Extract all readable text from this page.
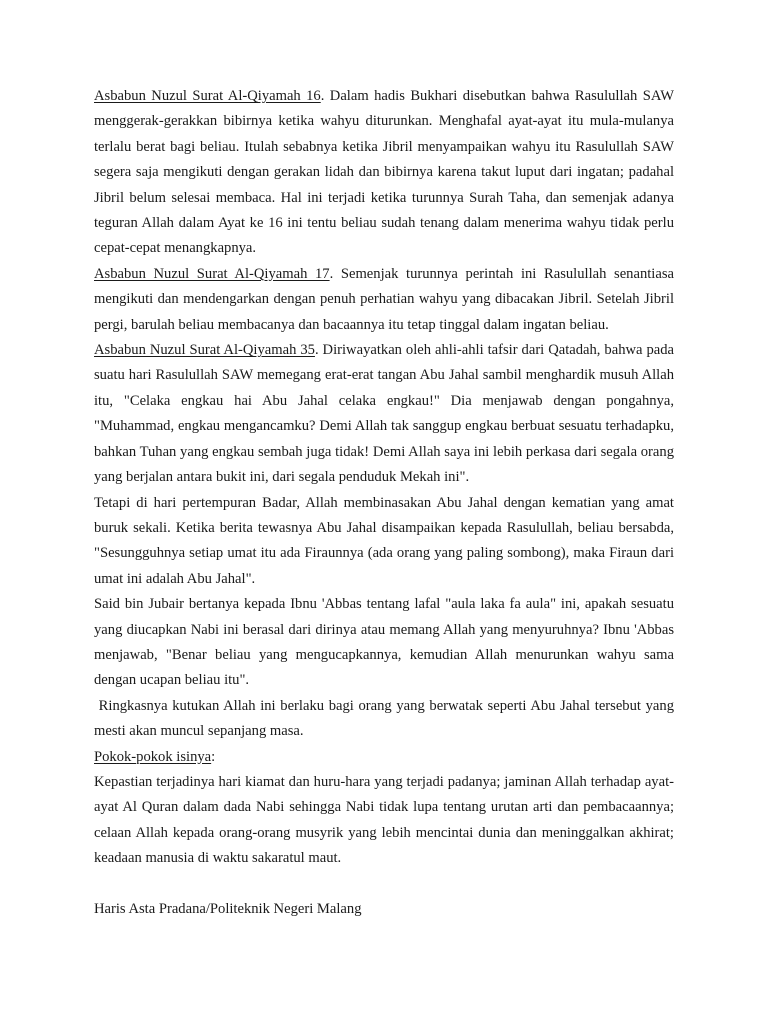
Asbabun Nuzul Surat Al-Qiyamah 16. Dalam hadis Bukhari disebutkan bahwa Rasulullah SAW menggerak-gerakkan bibirnya ketika wahyu diturunkan. Menghafal ayat-ayat itu mula-mulanya terlalu berat bagi beliau. Itulah sebabnya ketika Jibril menyampaikan wahyu itu Rasulullah SAW segera saja mengikuti dengan gerakan lidah dan bibirnya karena takut luput dari ingatan; padahal Jibril belum selesai membaca. Hal ini terjadi ketika turunnya Surah Taha, dan semenjak adanya teguran Allah dalam Ayat ke 16 ini tentu beliau sudah tenang dalam menerima wahyu tidak perlu cepat-cepat menangkapnya.

Asbabun Nuzul Surat Al-Qiyamah 17. Semenjak turunnya perintah ini Rasulullah senantiasa mengikuti dan mendengarkan dengan penuh perhatian wahyu yang dibacakan Jibril. Setelah Jibril pergi, barulah beliau membacanya dan bacaannya itu tetap tinggal dalam ingatan beliau.

Asbabun Nuzul Surat Al-Qiyamah 35. Diriwayatkan oleh ahli-ahli tafsir dari Qatadah, bahwa pada suatu hari Rasulullah SAW memegang erat-erat tangan Abu Jahal sambil menghardik musuh Allah itu, "Celaka engkau hai Abu Jahal celaka engkau!" Dia menjawab dengan pongahnya, "Muhammad, engkau mengancamku? Demi Allah tak sanggup engkau berbuat sesuatu terhadapku, bahkan Tuhan yang engkau sembah juga tidak! Demi Allah saya ini lebih perkasa dari segala orang yang berjalan antara bukit ini, dari segala penduduk Mekah ini".

Tetapi di hari pertempuran Badar, Allah membinasakan Abu Jahal dengan kematian yang amat buruk sekali. Ketika berita tewasnya Abu Jahal disampaikan kepada Rasulullah, beliau bersabda, "Sesungguhnya setiap umat itu ada Firaunnya (ada orang yang paling sombong), maka Firaun dari umat ini adalah Abu Jahal".

Said bin Jubair bertanya kepada Ibnu 'Abbas tentang lafal "aula laka fa aula" ini, apakah sesuatu yang diucapkan Nabi ini berasal dari dirinya atau memang Allah yang menyuruhnya? Ibnu 'Abbas menjawab, "Benar beliau yang mengucapkannya, kemudian Allah menurunkan wahyu sama dengan ucapan beliau itu".

Ringkasnya kutukan Allah ini berlaku bagi orang yang berwatak seperti Abu Jahal tersebut yang mesti akan muncul sepanjang masa.

Pokok-pokok isinya:

Kepastian terjadinya hari kiamat dan huru-hara yang terjadi padanya; jaminan Allah terhadap ayat-ayat Al Quran dalam dada Nabi sehingga Nabi tidak lupa tentang urutan arti dan pembacaannya; celaan Allah kepada orang-orang musyrik yang lebih mencintai dunia dan meninggalkan akhirat; keadaan manusia di waktu sakaratul maut.

Haris Asta Pradana/Politeknik Negeri Malang
